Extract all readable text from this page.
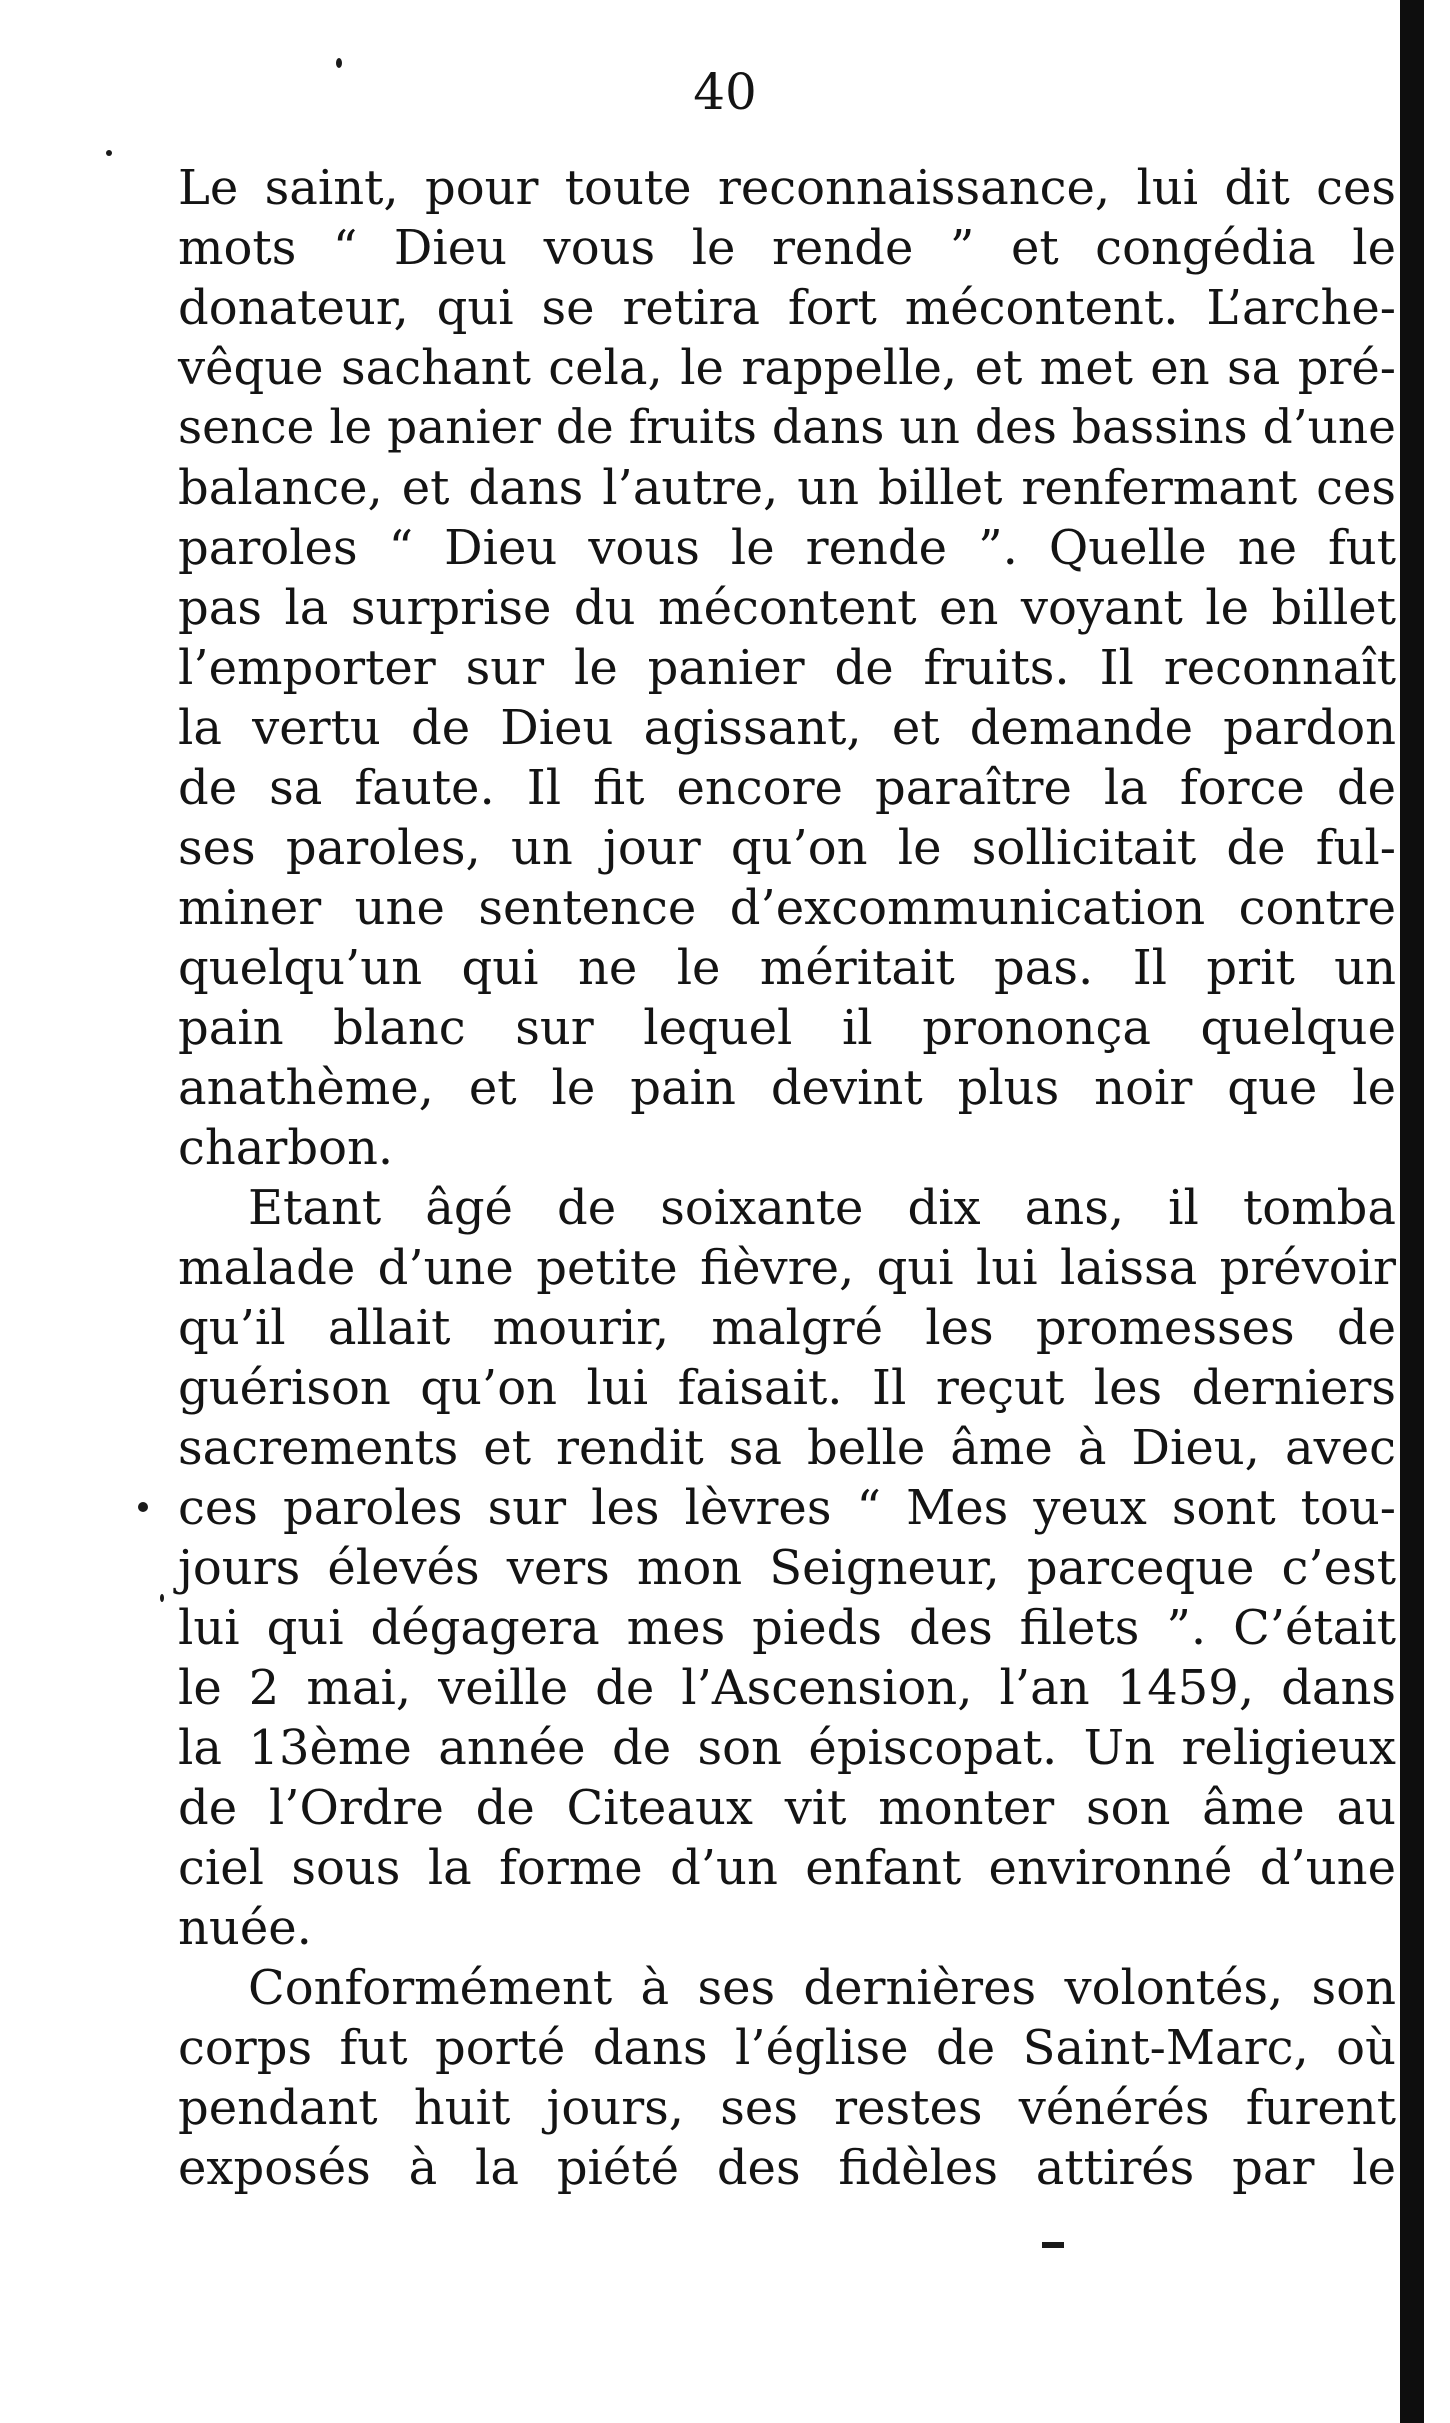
40
Le saint, pour toute reconnaissance, lui dit ces
mots “ Dieu vous le rende ” et congédia le
donateur, qui se retira fort mécontent. L’arche-
vêque sachant cela, le rappelle, et met en sa pré-
sence le panier de fruits dans un des bassins d’une
balance, et dans l’autre, un billet renfermant ces
paroles “ Dieu vous le rende ”. Quelle ne fut
pas la surprise du mécontent en voyant le billet
l’emporter sur le panier de fruits. Il reconnaît
la vertu de Dieu agissant, et demande pardon
de sa faute. Il fit encore paraître la force de
ses paroles, un jour qu’on le sollicitait de ful-
miner une sentence d’excommunication contre
quelqu’un qui ne le méritait pas. Il prit un
pain blanc sur lequel il prononça quelque
anathème, et le pain devint plus noir que le
charbon.
Etant âgé de soixante dix ans, il tomba
malade d’une petite fièvre, qui lui laissa prévoir
qu’il allait mourir, malgré les promesses de
guérison qu’on lui faisait. Il reçut les derniers
sacrements et rendit sa belle âme à Dieu, avec
ces paroles sur les lèvres “ Mes yeux sont tou-
jours élevés vers mon Seigneur, parceque c’est
lui qui dégagera mes pieds des filets ”. C’était
le 2 mai, veille de l’Ascension, l’an 1459, dans
la 13ème année de son épiscopat. Un religieux
de l’Ordre de Citeaux vit monter son âme au
ciel sous la forme d’un enfant environné d’une
nuée.
Conformément à ses dernières volontés, son
corps fut porté dans l’église de Saint-Marc, où
pendant huit jours, ses restes vénérés furent
exposés à la piété des fidèles attirés par le
